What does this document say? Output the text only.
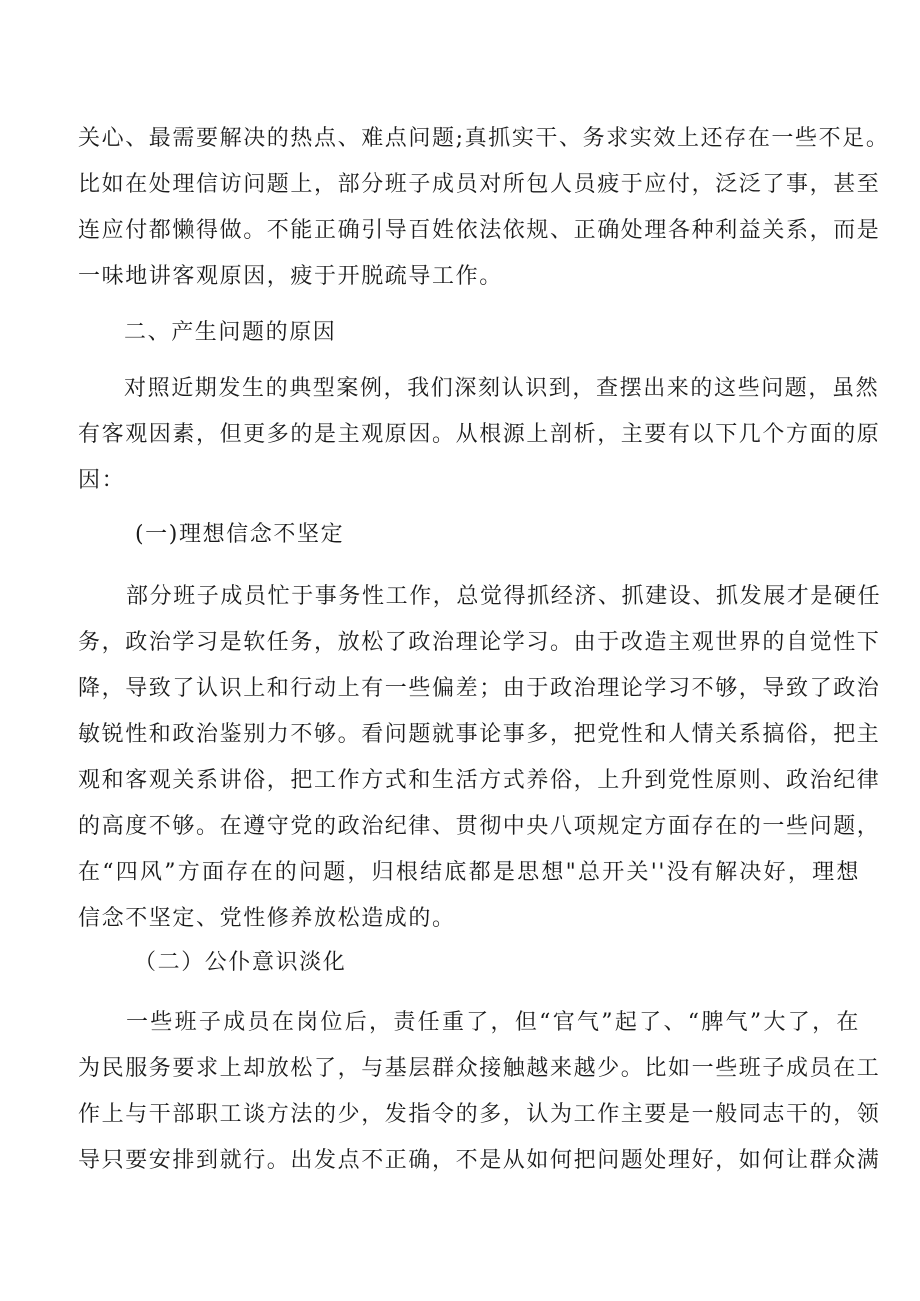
关心、最需要解决的热点、难点问题;真抓实干、务求实效上还存在一些不足。
比如在处理信访问题上，部分班子成员对所包人员疲于应付，泛泛了事，甚至
连应付都懒得做。不能正确引导百姓依法依规、正确处理各种利益关系，而是
一味地讲客观原因，疲于开脱疏导工作。
二、产生问题的原因
对照近期发生的典型案例，我们深刻认识到，查摆出来的这些问题，虽然
有客观因素，但更多的是主观原因。从根源上剖析，主要有以下几个方面的原
因：
(一)理想信念不坚定
部分班子成员忙于事务性工作，总觉得抓经济、抓建设、抓发展才是硬任
务，政治学习是软任务，放松了政治理论学习。由于改造主观世界的自觉性下
降，导致了认识上和行动上有一些偏差；由于政治理论学习不够，导致了政治
敏锐性和政治鉴别力不够。看问题就事论事多，把党性和人情关系搞俗，把主
观和客观关系讲俗，把工作方式和生活方式养俗，上升到党性原则、政治纪律
的高度不够。在遵守党的政治纪律、贯彻中央八项规定方面存在的一些问题，
在“四风”方面存在的问题，归根结底都是思想"总开关''没有解决好，理想
信念不坚定、党性修养放松造成的。
（二）公仆意识淡化
一些班子成员在岗位后，责任重了，但“官气”起了、“脾气”大了，在
为民服务要求上却放松了，与基层群众接触越来越少。比如一些班子成员在工
作上与干部职工谈方法的少，发指令的多，认为工作主要是一般同志干的，领
导只要安排到就行。出发点不正确，不是从如何把问题处理好，如何让群众满
